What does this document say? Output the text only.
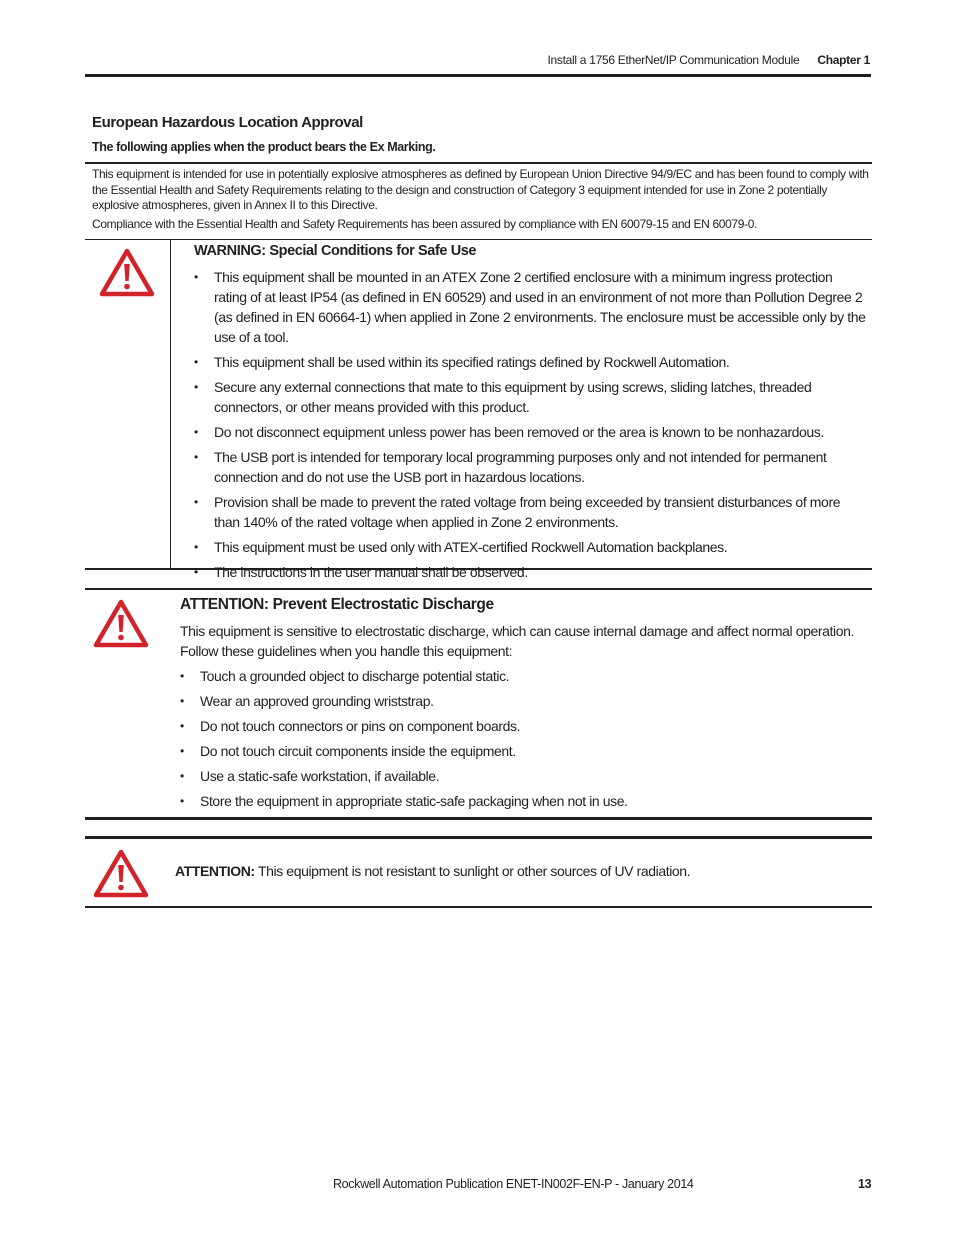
Install a 1756 EtherNet/IP Communication Module Chapter 1
European Hazardous Location Approval
The following applies when the product bears the Ex Marking.
This equipment is intended for use in potentially explosive atmospheres as defined by European Union Directive 94/9/EC and has been found to comply with the Essential Health and Safety Requirements relating to the design and construction of Category 3 equipment intended for use in Zone 2 potentially explosive atmospheres, given in Annex II to this Directive.
Compliance with the Essential Health and Safety Requirements has been assured by compliance with EN 60079-15 and EN 60079-0.
WARNING: Special Conditions for Safe Use
• This equipment shall be mounted in an ATEX Zone 2 certified enclosure with a minimum ingress protection rating of at least IP54 (as defined in EN 60529) and used in an environment of not more than Pollution Degree 2 (as defined in EN 60664-1) when applied in Zone 2 environments. The enclosure must be accessible only by the use of a tool.
• This equipment shall be used within its specified ratings defined by Rockwell Automation.
• Secure any external connections that mate to this equipment by using screws, sliding latches, threaded connectors, or other means provided with this product.
• Do not disconnect equipment unless power has been removed or the area is known to be nonhazardous.
• The USB port is intended for temporary local programming purposes only and not intended for permanent connection and do not use the USB port in hazardous locations.
• Provision shall be made to prevent the rated voltage from being exceeded by transient disturbances of more than 140% of the rated voltage when applied in Zone 2 environments.
• This equipment must be used only with ATEX-certified Rockwell Automation backplanes.
• The instructions in the user manual shall be observed.
ATTENTION: Prevent Electrostatic Discharge
This equipment is sensitive to electrostatic discharge, which can cause internal damage and affect normal operation. Follow these guidelines when you handle this equipment:
• Touch a grounded object to discharge potential static.
• Wear an approved grounding wriststrap.
• Do not touch connectors or pins on component boards.
• Do not touch circuit components inside the equipment.
• Use a static-safe workstation, if available.
• Store the equipment in appropriate static-safe packaging when not in use.
ATTENTION: This equipment is not resistant to sunlight or other sources of UV radiation.
Rockwell Automation Publication ENET-IN002F-EN-P - January 2014	13
